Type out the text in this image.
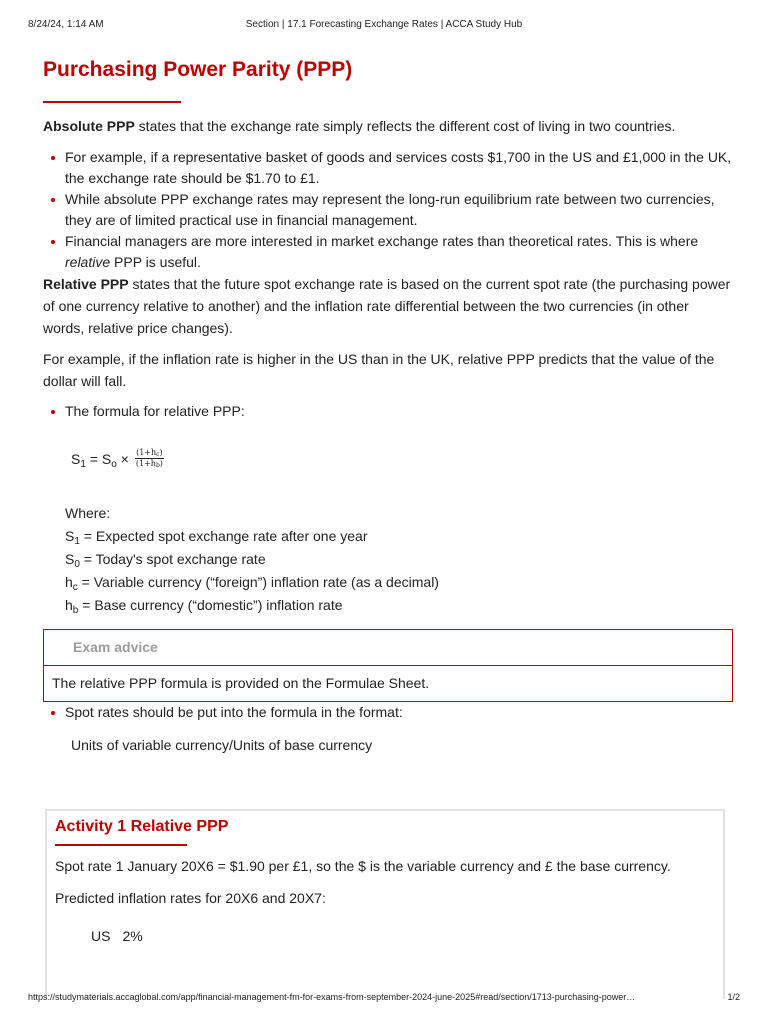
8/24/24, 1:14 AM	Section | 17.1 Forecasting Exchange Rates | ACCA Study Hub
Purchasing Power Parity (PPP)

Absolute PPP states that the exchange rate simply reflects the different cost of living in two countries.

For example, if a representative basket of goods and services costs $1,700 in the US and £1,000 in the UK, the exchange rate should be $1.70 to £1.
While absolute PPP exchange rates may represent the long-run equilibrium rate between two currencies, they are of limited practical use in financial management.
Financial managers are more interested in market exchange rates than theoretical rates. This is where relative PPP is useful.

Relative PPP states that the future spot exchange rate is based on the current spot rate (the purchasing power of one currency relative to another) and the inflation rate differential between the two currencies (in other words, relative price changes).

For example, if the inflation rate is higher in the US than in the UK, relative PPP predicts that the value of the dollar will fall.

The formula for relative PPP:
$S_1 = S_o \times \frac{(1+h_c)}{(1+h_b)}$

Where:

$S_1$ = Expected spot exchange rate after one year

$S_0$ = Today's spot exchange rate

$h_c$ = Variable currency (“foreign”) inflation rate (as a decimal)

$h_b$ = Base currency (“domestic”) inflation rate

Exam advice
The relative PPP formula is provided on the Formulae Sheet.
Spot rates should be put into the formula in the format:
Units of variable currency/Units of base currency
Activity 1 Relative PPP

Spot rate 1 January 20X6 = $1.90 per £1, so the $ is the variable currency and £ the base currency.

Predicted inflation rates for 20X6 and 20X7:

US 2%

https://studymaterials.accaglobal.com/app/financial-management-fm-for-exams-from-september-2024-june-2025#read/section/1713-purchasing-power…	1/2
